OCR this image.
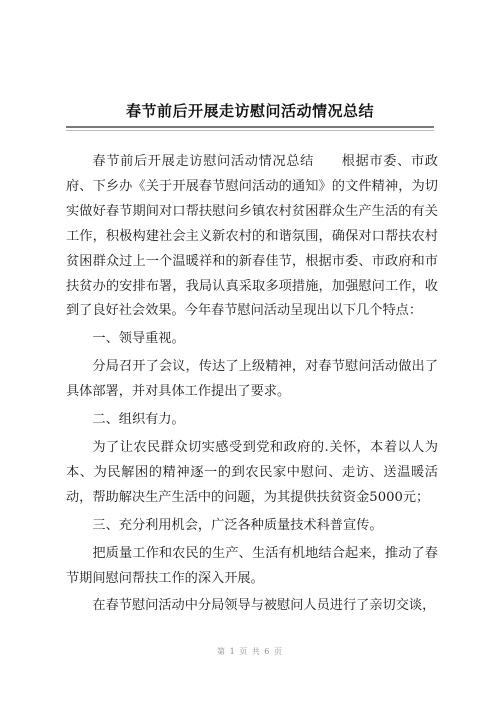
春节前后开展走访慰问活动情况总结

春节前后开展走访慰问活动情况总结　　根据市委、市政府、下乡办《关于开展春节慰问活动的通知》的文件精神，为切实做好春节期间对口帮扶慰问乡镇农村贫困群众生产生活的有关工作，积极构建社会主义新农村的和谐氛围，确保对口帮扶农村贫困群众过上一个温暖祥和的新春佳节，根据市委、市政府和市扶贫办的安排布署，我局认真采取多项措施，加强慰问工作，收到了良好社会效果。今年春节慰问活动呈现出以下几个特点：

一、领导重视。

分局召开了会议，传达了上级精神，对春节慰问活动做出了具体部署，并对具体工作提出了要求。

二、组织有力。

为了让农民群众切实感受到党和政府的.关怀，本着以人为本、为民解困的精神逐一的到农民家中慰问、走访、送温暖活动，帮助解决生产生活中的问题，为其提供扶贫资金5000元；

三、充分利用机会，广泛各种质量技术科普宣传。

把质量工作和农民的生产、生活有机地结合起来，推动了春节期间慰问帮扶工作的深入开展。

在春节慰问活动中分局领导与被慰问人员进行了亲切交谈，

第 1 页 共 6 页
